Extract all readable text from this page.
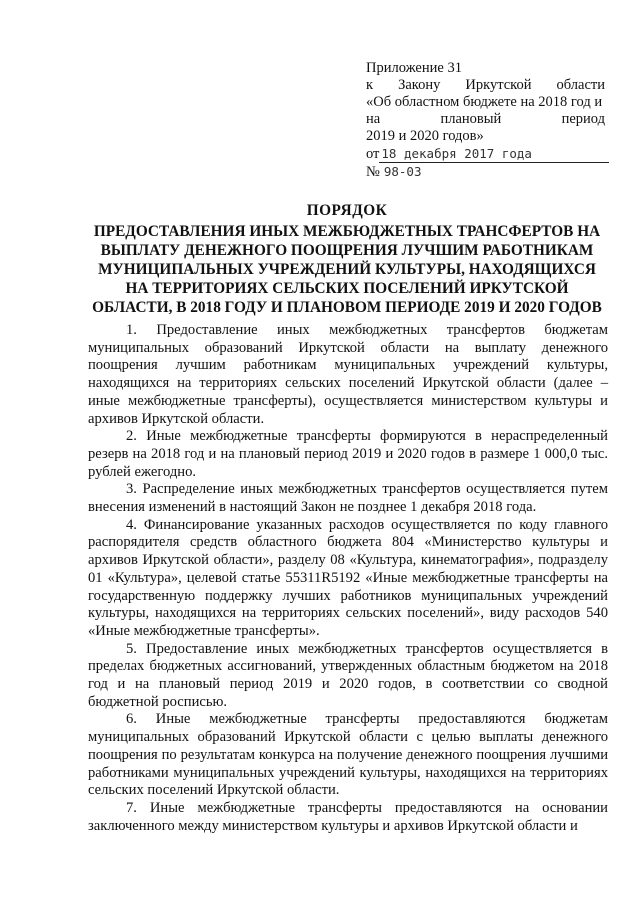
Приложение 31
к Закону Иркутской области
«Об областном бюджете на 2018 год и
на	плановый	период
2019 и 2020 годов»
от 18 декабря 2017 года
№ 98-03
ПОРЯДОК
ПРЕДОСТАВЛЕНИЯ ИНЫХ МЕЖБЮДЖЕТНЫХ ТРАНСФЕРТОВ НА
ВЫПЛАТУ ДЕНЕЖНОГО ПООЩРЕНИЯ ЛУЧШИМ РАБОТНИКАМ
МУНИЦИПАЛЬНЫХ УЧРЕЖДЕНИЙ КУЛЬТУРЫ, НАХОДЯЩИХСЯ
НА ТЕРРИТОРИЯХ СЕЛЬСКИХ ПОСЕЛЕНИЙ ИРКУТСКОЙ
ОБЛАСТИ, В 2018 ГОДУ И ПЛАНОВОМ ПЕРИОДЕ 2019 И 2020 ГОДОВ

1. Предоставление иных межбюджетных трансфертов бюджетам муниципальных образований Иркутской области на выплату денежного поощрения лучшим работникам муниципальных учреждений культуры, находящихся на территориях сельских поселений Иркутской области (далее – иные межбюджетные трансферты), осуществляется министерством культуры и архивов Иркутской области.

2. Иные межбюджетные трансферты формируются в нераспределенный резерв на 2018 год и на плановый период 2019 и 2020 годов в размере 1 000,0 тыс. рублей ежегодно.

3. Распределение иных межбюджетных трансфертов осуществляется путем внесения изменений в настоящий Закон не позднее 1 декабря 2018 года.

4. Финансирование указанных расходов осуществляется по коду главного распорядителя средств областного бюджета 804 «Министерство культуры и архивов Иркутской области», разделу 08 «Культура, кинематография», подразделу 01 «Культура», целевой статье 55311R5192 «Иные межбюджетные трансферты на государственную поддержку лучших работников муниципальных учреждений культуры, находящихся на территориях сельских поселений», виду расходов 540 «Иные межбюджетные трансферты».

5. Предоставление иных межбюджетных трансфертов осуществляется в пределах бюджетных ассигнований, утвержденных областным бюджетом на 2018 год и на плановый период 2019 и 2020 годов, в соответствии со сводной бюджетной росписью.

6. Иные межбюджетные трансферты предоставляются бюджетам муниципальных образований Иркутской области с целью выплаты денежного поощрения по результатам конкурса на получение денежного поощрения лучшими работниками муниципальных учреждений культуры, находящихся на территориях сельских поселений Иркутской области.

7. Иные межбюджетные трансферты предоставляются на основании заключенного между министерством культуры и архивов Иркутской области и
